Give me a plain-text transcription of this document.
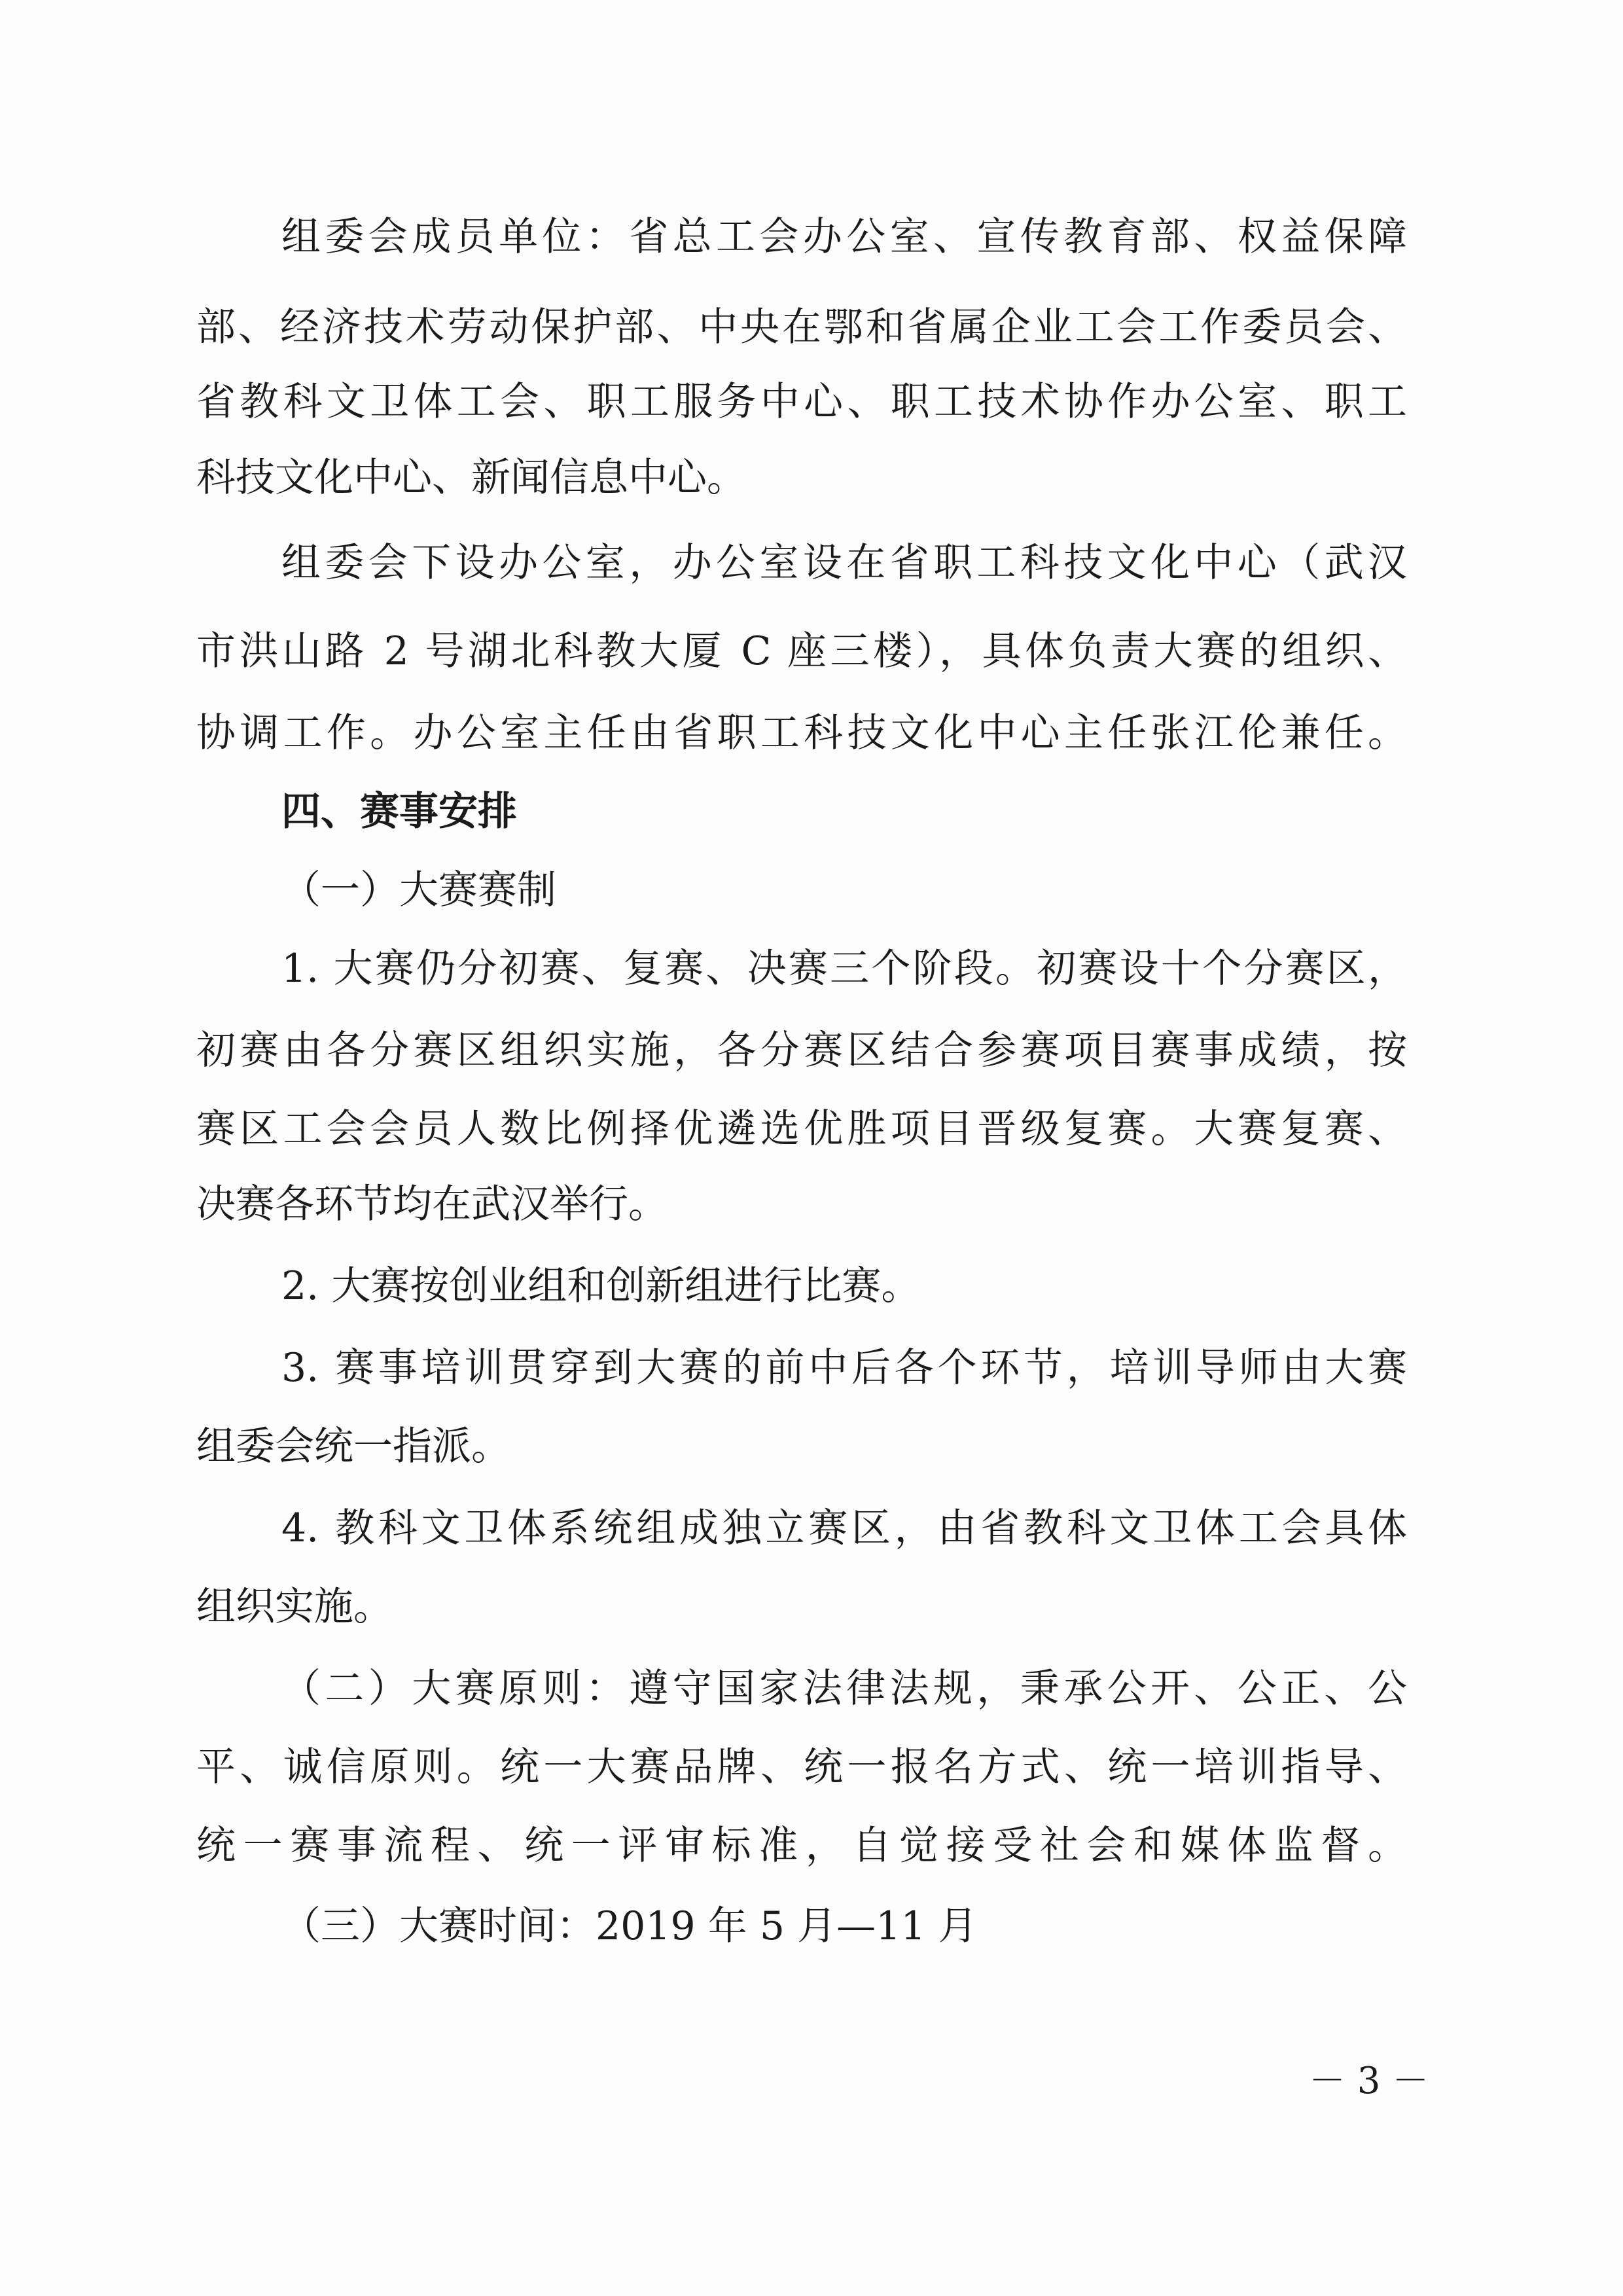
组委会成员单位：省总工会办公室、宣传教育部、权益保障
部、经济技术劳动保护部、中央在鄂和省属企业工会工作委员会、
省教科文卫体工会、职工服务中心、职工技术协作办公室、职工
科技文化中心、新闻信息中心。
组委会下设办公室，办公室设在省职工科技文化中心（武汉
市洪山路 2 号湖北科教大厦 C 座三楼），具体负责大赛的组织、
协调工作。办公室主任由省职工科技文化中心主任张江伦兼任。
四、赛事安排
（一）大赛赛制
1. 大赛仍分初赛、复赛、决赛三个阶段。初赛设十个分赛区，
初赛由各分赛区组织实施，各分赛区结合参赛项目赛事成绩，按
赛区工会会员人数比例择优遴选优胜项目晋级复赛。大赛复赛、
决赛各环节均在武汉举行。
2. 大赛按创业组和创新组进行比赛。
3. 赛事培训贯穿到大赛的前中后各个环节，培训导师由大赛
组委会统一指派。
4. 教科文卫体系统组成独立赛区，由省教科文卫体工会具体
组织实施。
（二）大赛原则：遵守国家法律法规，秉承公开、公正、公
平、诚信原则。统一大赛品牌、统一报名方式、统一培训指导、
统一赛事流程、统一评审标准，自觉接受社会和媒体监督。
（三）大赛时间：2019 年 5 月—11 月
－ 3 －
